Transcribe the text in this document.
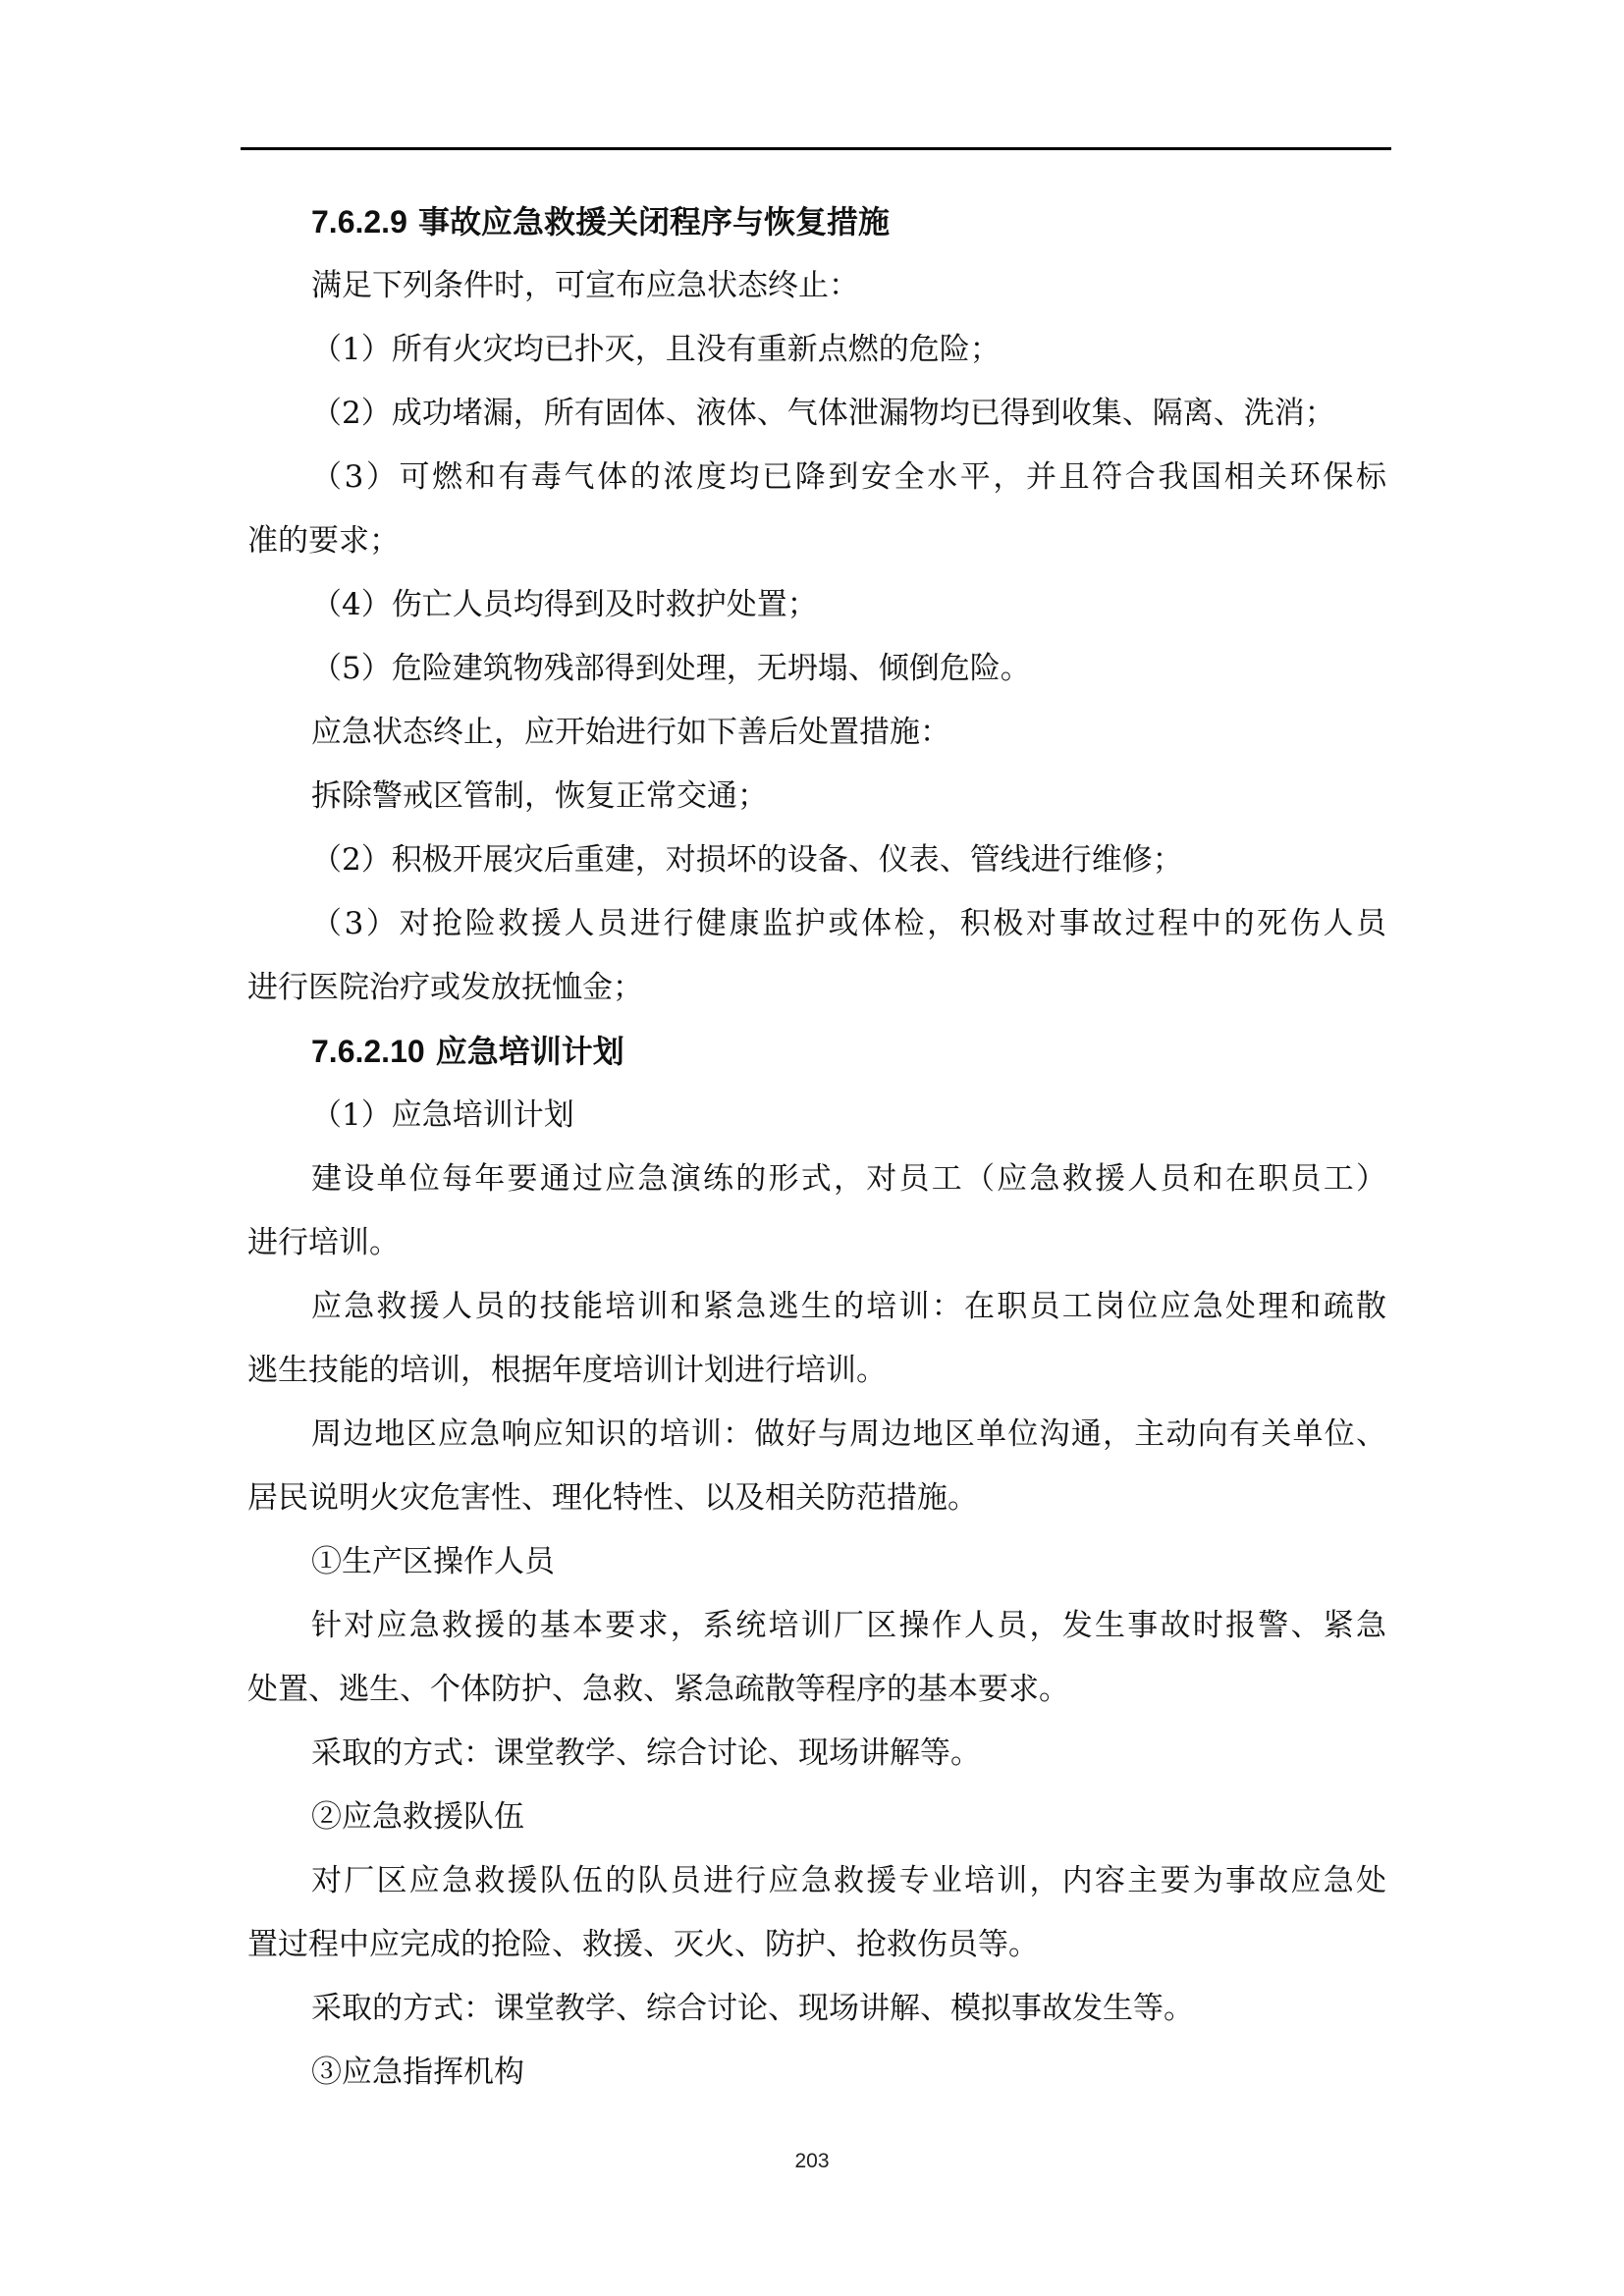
7.6.2.9 事故应急救援关闭程序与恢复措施
满足下列条件时，可宣布应急状态终止：
（1）所有火灾均已扑灭，且没有重新点燃的危险；
（2）成功堵漏，所有固体、液体、气体泄漏物均已得到收集、隔离、洗消；
（3）可燃和有毒气体的浓度均已降到安全水平，并且符合我国相关环保标
准的要求；
（4）伤亡人员均得到及时救护处置；
（5）危险建筑物残部得到处理，无坍塌、倾倒危险。
应急状态终止，应开始进行如下善后处置措施：
拆除警戒区管制，恢复正常交通；
（2）积极开展灾后重建，对损坏的设备、仪表、管线进行维修；
（3）对抢险救援人员进行健康监护或体检，积极对事故过程中的死伤人员
进行医院治疗或发放抚恤金；
7.6.2.10 应急培训计划
（1）应急培训计划
建设单位每年要通过应急演练的形式，对员工（应急救援人员和在职员工）
进行培训。
应急救援人员的技能培训和紧急逃生的培训：在职员工岗位应急处理和疏散
逃生技能的培训，根据年度培训计划进行培训。
周边地区应急响应知识的培训：做好与周边地区单位沟通，主动向有关单位、
居民说明火灾危害性、理化特性、以及相关防范措施。
①生产区操作人员
针对应急救援的基本要求，系统培训厂区操作人员，发生事故时报警、紧急
处置、逃生、个体防护、急救、紧急疏散等程序的基本要求。
采取的方式：课堂教学、综合讨论、现场讲解等。
②应急救援队伍
对厂区应急救援队伍的队员进行应急救援专业培训，内容主要为事故应急处
置过程中应完成的抢险、救援、灭火、防护、抢救伤员等。
采取的方式：课堂教学、综合讨论、现场讲解、模拟事故发生等。
③应急指挥机构
203
